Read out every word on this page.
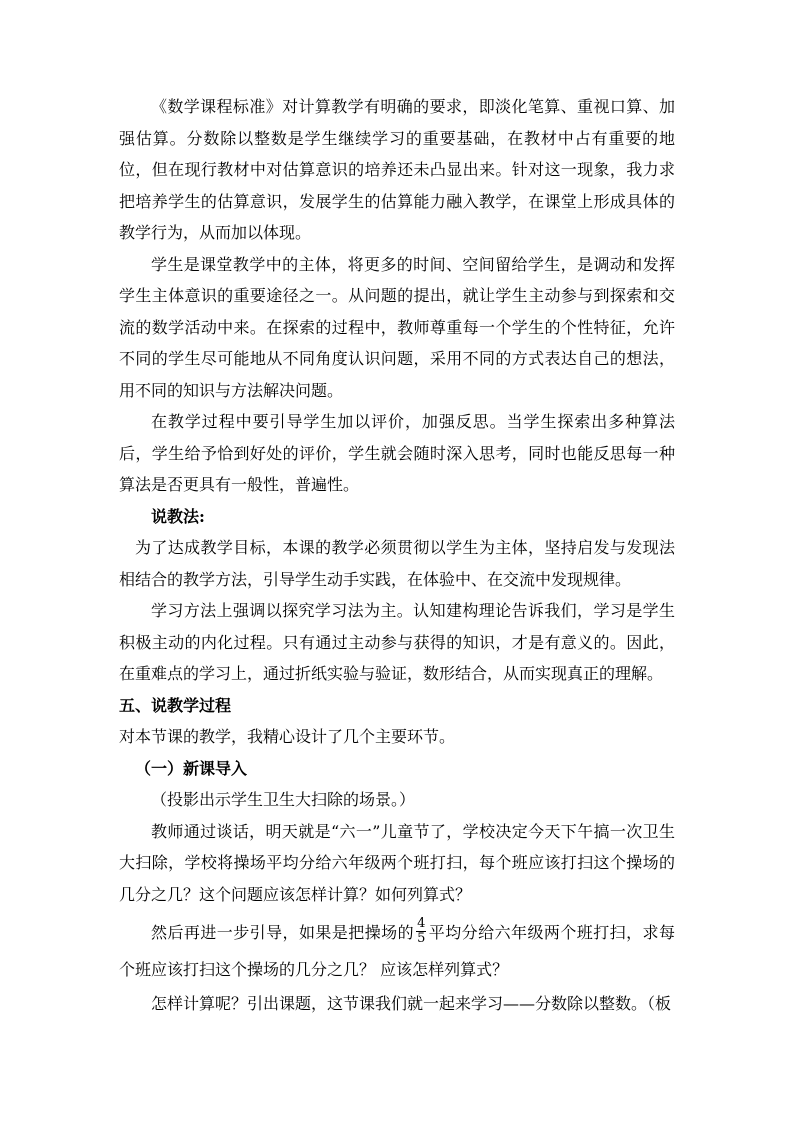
《数学课程标准》对计算教学有明确的要求，即淡化笔算、重视口算、加强估算。分数除以整数是学生继续学习的重要基础，在教材中占有重要的地位，但在现行教材中对估算意识的培养还未凸显出来。针对这一现象，我力求把培养学生的估算意识，发展学生的估算能力融入教学，在课堂上形成具体的教学行为，从而加以体现。

学生是课堂教学中的主体，将更多的时间、空间留给学生，是调动和发挥学生主体意识的重要途径之一。从问题的提出，就让学生主动参与到探索和交流的数学活动中来。在探索的过程中，教师尊重每一个学生的个性特征，允许不同的学生尽可能地从不同角度认识问题，采用不同的方式表达自己的想法，用不同的知识与方法解决问题。

在教学过程中要引导学生加以评价，加强反思。当学生探索出多种算法后，学生给予恰到好处的评价，学生就会随时深入思考，同时也能反思每一种算法是否更具有一般性，普遍性。

说教法:

为了达成教学目标，本课的教学必须贯彻以学生为主体，坚持启发与发现法相结合的教学方法，引导学生动手实践，在体验中、在交流中发现规律。

学习方法上强调以探究学习法为主。认知建构理论告诉我们，学习是学生积极主动的内化过程。只有通过主动参与获得的知识，才是有意义的。因此，在重难点的学习上，通过折纸实验与验证，数形结合，从而实现真正的理解。

五、说教学过程

对本节课的教学，我精心设计了几个主要环节。

（一）新课导入

（投影出示学生卫生大扫除的场景。）

教师通过谈话，明天就是“六一”儿童节了，学校决定今天下午搞一次卫生大扫除，学校将操场平均分给六年级两个班打扫，每个班应该打扫这个操场的几分之几？这个问题应该怎样计算？如何列算式？

然后再进一步引导，如果是把操场的 $\frac{4}{5}$ 平均分给六年级两个班打扫，求每个班应该打扫这个操场的几分之几？ 应该怎样列算式？

怎样计算呢？引出课题，这节课我们就一起来学习——分数除以整数。（板
